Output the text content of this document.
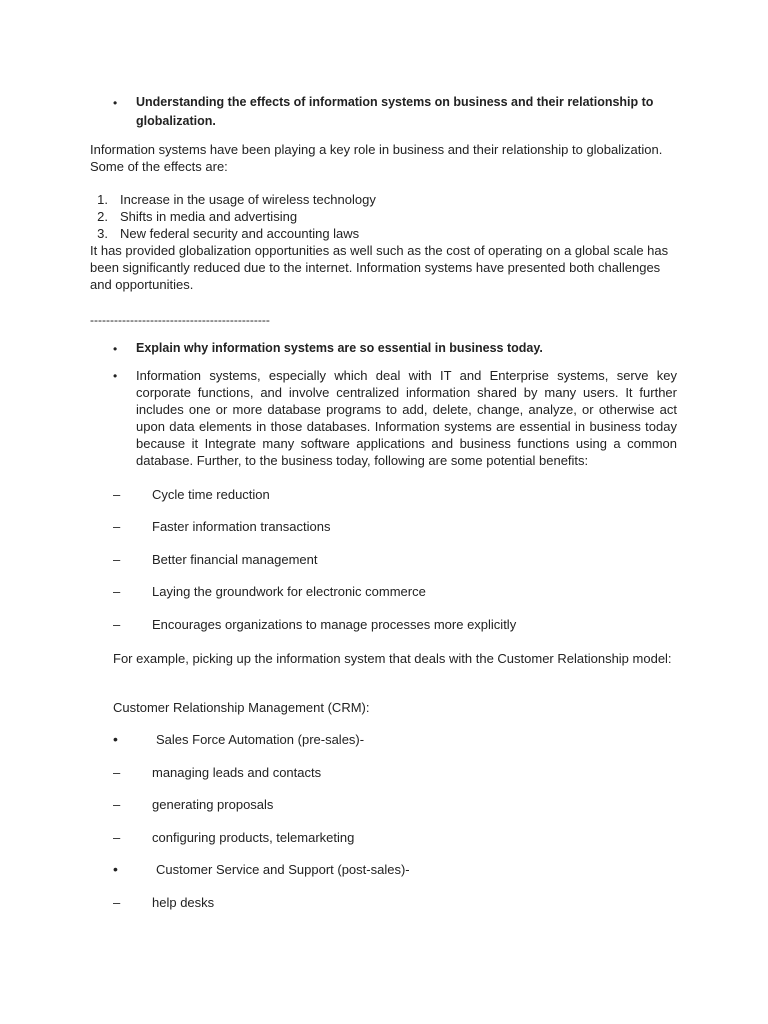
• Understanding the effects of information systems on business and their relationship to
globalization.
Information systems have been playing a key role in business and their relationship to globalization. Some of the effects are:
1. Increase in the usage of wireless technology
2. Shifts in media and advertising
3. New federal security and accounting laws
It has provided globalization opportunities as well such as the cost of operating on a global scale has been significantly reduced due to the internet. Information systems have presented both challenges and opportunities.
---------------------------------------------
• Explain why information systems are so essential in business today.
• Information systems, especially which deal with IT and Enterprise systems, serve key corporate functions, and involve centralized information shared by many users. It further includes one or more database programs to add, delete, change, analyze, or otherwise act upon data elements in those databases. Information systems are essential in business today because it Integrate many software applications and business functions using a common database. Further, to the business today, following are some potential benefits:
– Cycle time reduction
– Faster information transactions
– Better financial management
– Laying the groundwork for electronic commerce
– Encourages organizations to manage processes more explicitly
For example, picking up the information system that deals with the Customer Relationship model:
Customer Relationship Management (CRM):
•	Sales Force Automation (pre-sales)-
– managing leads and contacts
– generating proposals
– configuring products, telemarketing
•	Customer Service and Support (post-sales)-
– help desks
